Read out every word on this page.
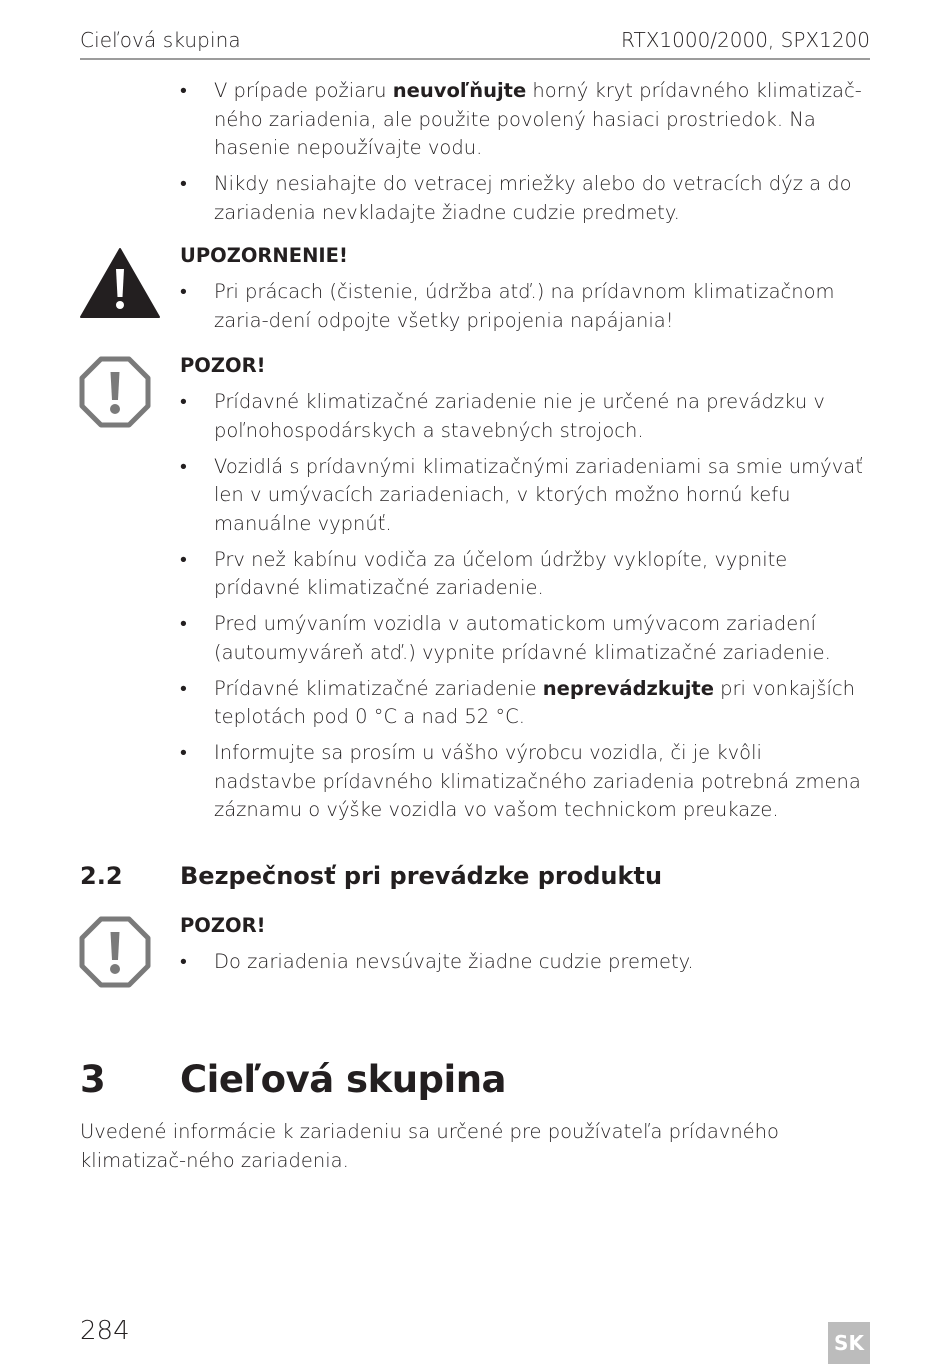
Cieľová skupina	RTX1000/2000, SPX1200
• V prípade požiaru neuvoľňujte horný kryt prídavného klimatizač-ného zariadenia, ale použite povolený hasiaci prostriedok. Na hasenie nepoužívajte vodu.
• Nikdy nesiahajte do vetracej mriežky alebo do vetracích dýz a do zariadenia nevkladajte žiadne cudzie predmety.
UPOZORNENIE!
• Pri prácach (čistenie, údržba atď.) na prídavnom klimatizačnom zaria-dení odpojte všetky pripojenia napájania!
POZOR!
• Prídavné klimatizačné zariadenie nie je určené na prevádzku v poľnohospodárskych a stavebných strojoch.
• Vozidlá s prídavnými klimatizačnými zariadeniami sa smie umývať len v umývacích zariadeniach, v ktorých možno hornú kefu manuálne vypnúť.
• Prv než kabínu vodiča za účelom údržby vyklopíte, vypnite prídavné klimatizačné zariadenie.
• Pred umývaním vozidla v automatickom umývacom zariadení (autoumyváreň atď.) vypnite prídavné klimatizačné zariadenie.
• Prídavné klimatizačné zariadenie neprevádzkujte pri vonkajších teplotách pod 0 °C a nad 52 °C.
• Informujte sa prosím u vášho výrobcu vozidla, či je kvôli nadstavbe prídavného klimatizačného zariadenia potrebná zmena záznamu o výške vozidla vo vašom technickom preukaze.
2.2 Bezpečnosť pri prevádzke produktu
POZOR!
• Do zariadenia nevsúvajte žiadne cudzie premety.
3 Cieľová skupina
Uvedené informácie k zariadeniu sa určené pre používateľa prídavného klimatizač-ného zariadenia.
284	SK
